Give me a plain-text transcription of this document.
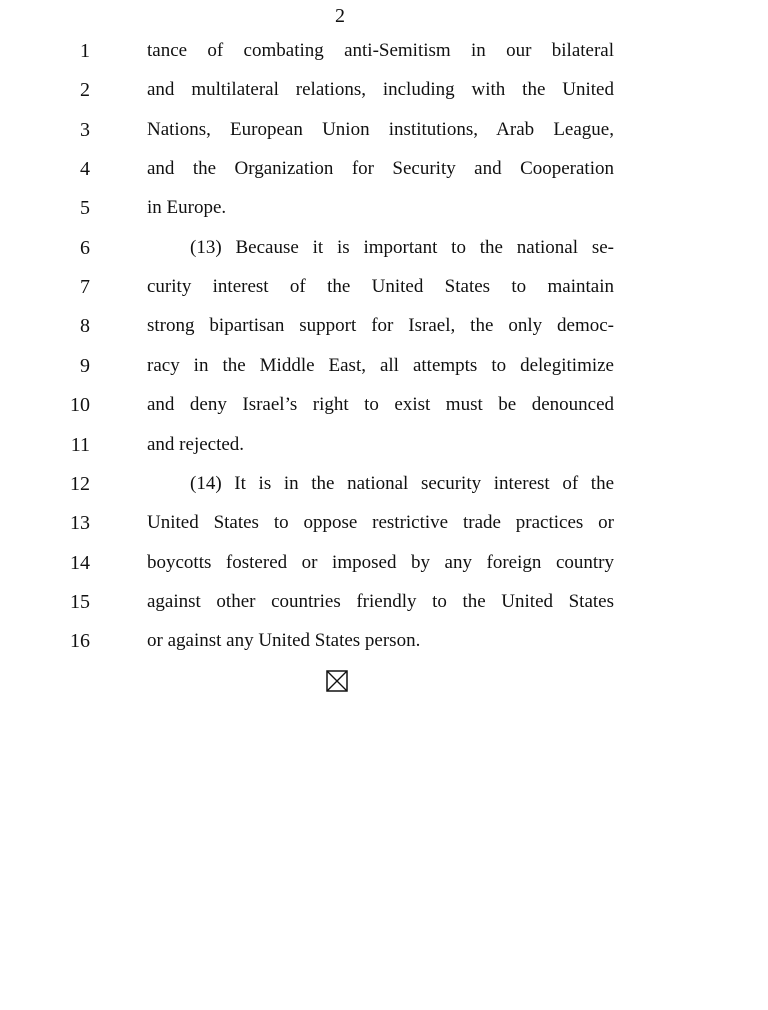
2
1	tance of combating anti-Semitism in our bilateral
2	and multilateral relations, including with the United
3	Nations, European Union institutions, Arab League,
4	and the Organization for Security and Cooperation
5	in Europe.
6	(13) Because it is important to the national se-
7	curity interest of the United States to maintain
8	strong bipartisan support for Israel, the only democ-
9	racy in the Middle East, all attempts to delegitimize
10	and deny Israel’s right to exist must be denounced
11	and rejected.
12	(14) It is in the national security interest of the
13	United States to oppose restrictive trade practices or
14	boycotts fostered or imposed by any foreign country
15	against other countries friendly to the United States
16	or against any United States person.
